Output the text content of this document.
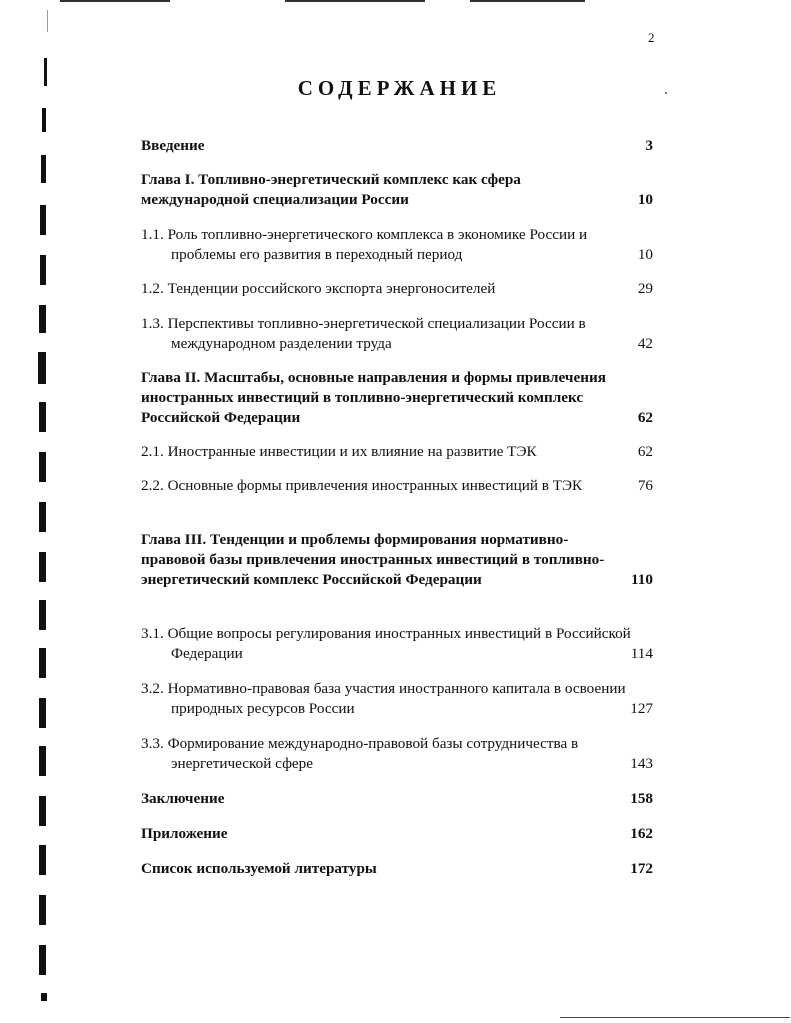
2
СОДЕРЖАНИЕ
Введение	3
Глава I. Топливно-энергетический комплекс как сфера международной специализации России	10
1.1. Роль топливно-энергетического комплекса в экономике России и проблемы его развития в переходный период	10
1.2. Тенденции российского экспорта энергоносителей	29
1.3. Перспективы топливно-энергетической специализации России в международном разделении труда	42
Глава II. Масштабы, основные направления и формы привлечения иностранных инвестиций в топливно-энергетический комплекс Российской Федерации	62
2.1. Иностранные инвестиции и их влияние на развитие ТЭК	62
2.2. Основные формы привлечения иностранных инвестиций в ТЭК	76
Глава III. Тенденции и проблемы формирования нормативно-правовой базы привлечения иностранных инвестиций в топливно-энергетический комплекс Российской Федерации	110
3.1. Общие вопросы регулирования иностранных инвестиций в Российской Федерации	114
3.2. Нормативно-правовая база участия иностранного капитала в освоении природных ресурсов России	127
3.3. Формирование международно-правовой базы сотрудничества в энергетической сфере	143
Заключение	158
Приложение	162
Список используемой литературы	172
